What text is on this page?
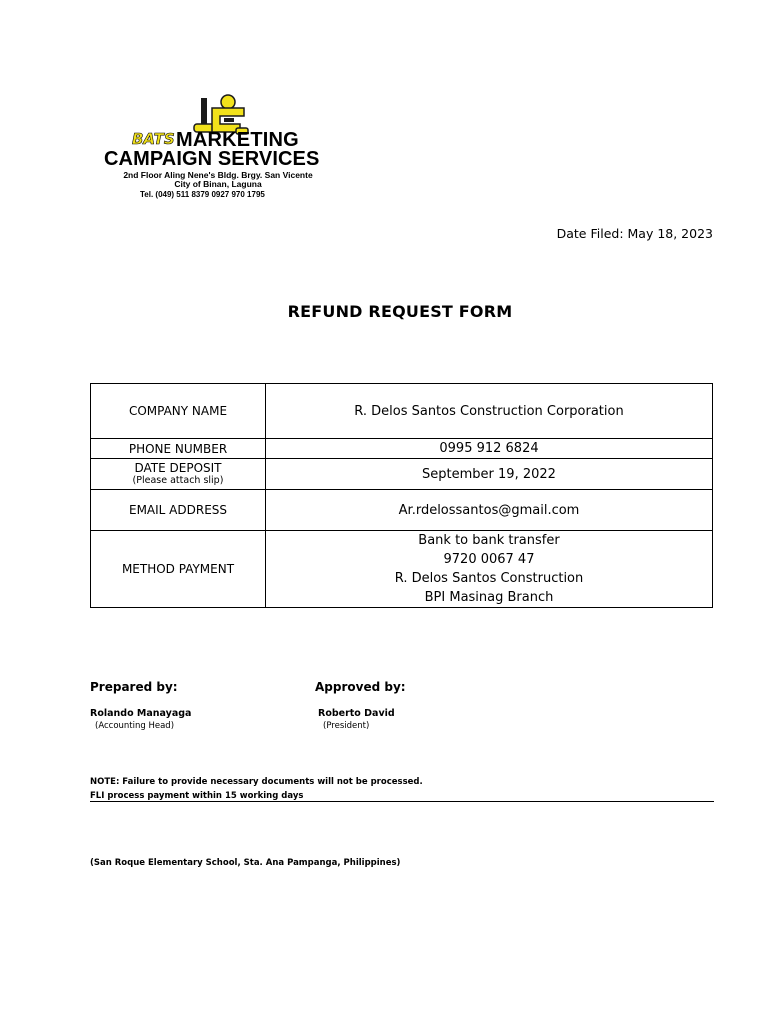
BATS MARKETING
CAMPAIGN SERVICES
2nd Floor Aling Nene's Bldg. Brgy. San Vicente
City of Binan, Laguna
Tel. (049) 511 8379 0927 970 1795
Date Filed: May 18, 2023
REFUND REQUEST FORM
COMPANY NAME	R. Delos Santos Construction Corporation
PHONE NUMBER	0995 912 6824
DATE DEPOSIT
(Please attach slip)	September 19, 2022
EMAIL ADDRESS	Ar.rdelossantos@gmail.com
METHOD PAYMENT	Bank to bank transfer
9720 0067 47
R. Delos Santos Construction
BPI Masinag Branch
Prepared by:
Rolando Manayaga
(Accounting Head)
Approved by:
Roberto David
(President)
NOTE: Failure to provide necessary documents will not be processed.
FLI process payment within 15 working days
(San Roque Elementary School, Sta. Ana Pampanga, Philippines)
